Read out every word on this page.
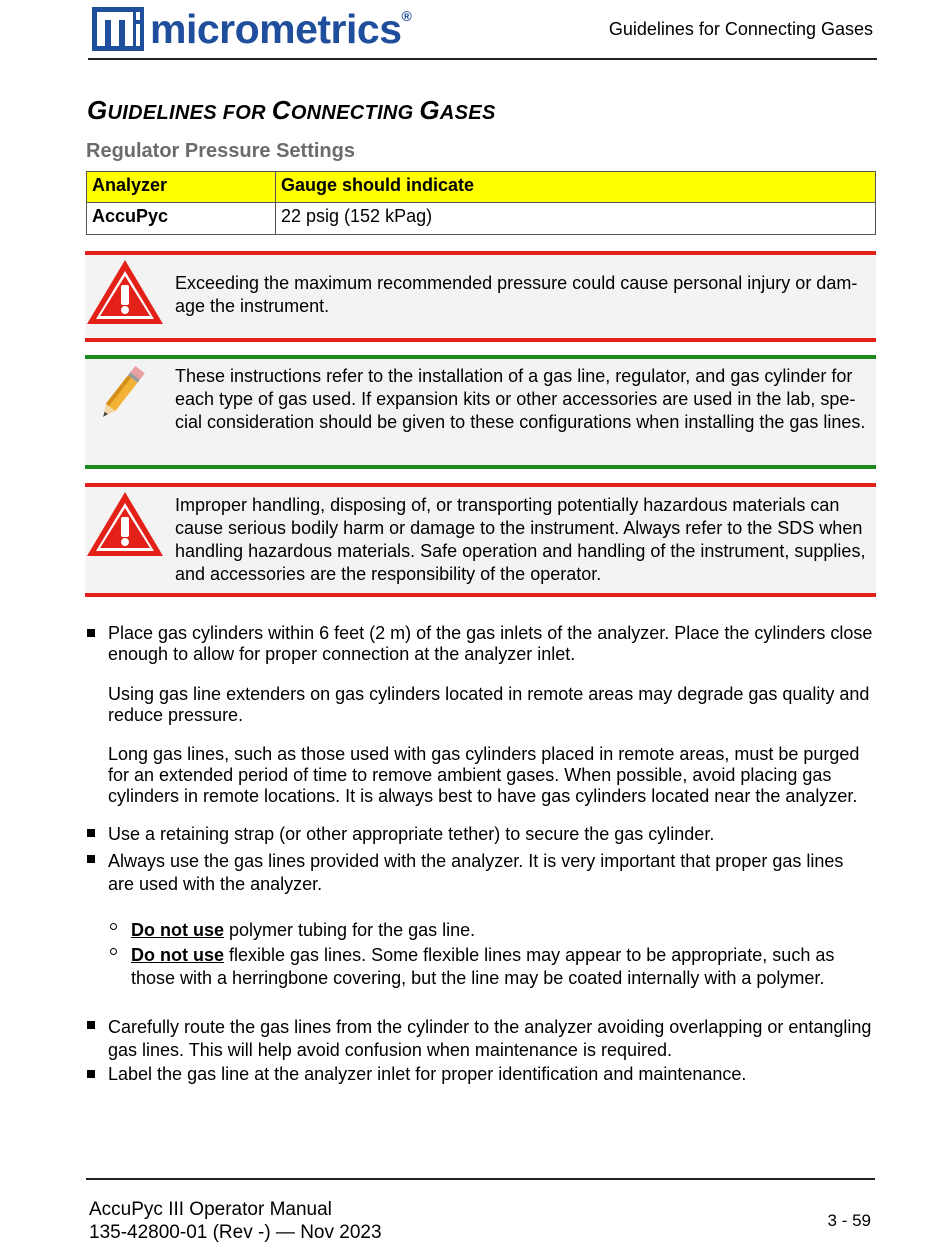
micrometrics®
Guidelines for Connecting Gases
GUIDELINES FOR CONNECTING GASES
Regulator Pressure Settings
Analyzer	Gauge should indicate
AccuPyc	22 psig (152 kPag)
Exceeding the maximum recommended pressure could cause personal injury or dam-age the instrument.
These instructions refer to the installation of a gas line, regulator, and gas cylinder for each type of gas used. If expansion kits or other accessories are used in the lab, spe-cial consideration should be given to these configurations when installing the gas lines.
Improper handling, disposing of, or transporting potentially hazardous materials can cause serious bodily harm or damage to the instrument. Always refer to the SDS when handling hazardous materials. Safe operation and handling of the instrument, supplies, and accessories are the responsibility of the operator.
Place gas cylinders within 6 feet (2 m) of the gas inlets of the analyzer. Place the cylinders close enough to allow for proper connection at the analyzer inlet.
Using gas line extenders on gas cylinders located in remote areas may degrade gas quality and reduce pressure.
Long gas lines, such as those used with gas cylinders placed in remote areas, must be purged for an extended period of time to remove ambient gases. When possible, avoid placing gas cylinders in remote locations. It is always best to have gas cylinders located near the analyzer.
Use a retaining strap (or other appropriate tether) to secure the gas cylinder.
Always use the gas lines provided with the analyzer. It is very important that proper gas lines are used with the analyzer.
Do not use polymer tubing for the gas line.
Do not use flexible gas lines. Some flexible lines may appear to be appropriate, such as those with a herringbone covering, but the line may be coated internally with a polymer.
Carefully route the gas lines from the cylinder to the analyzer avoiding overlapping or entangling gas lines. This will help avoid confusion when maintenance is required.
Label the gas line at the analyzer inlet for proper identification and maintenance.
AccuPyc III Operator Manual
135-42800-01 (Rev -) — Nov 2023
3 - 59
